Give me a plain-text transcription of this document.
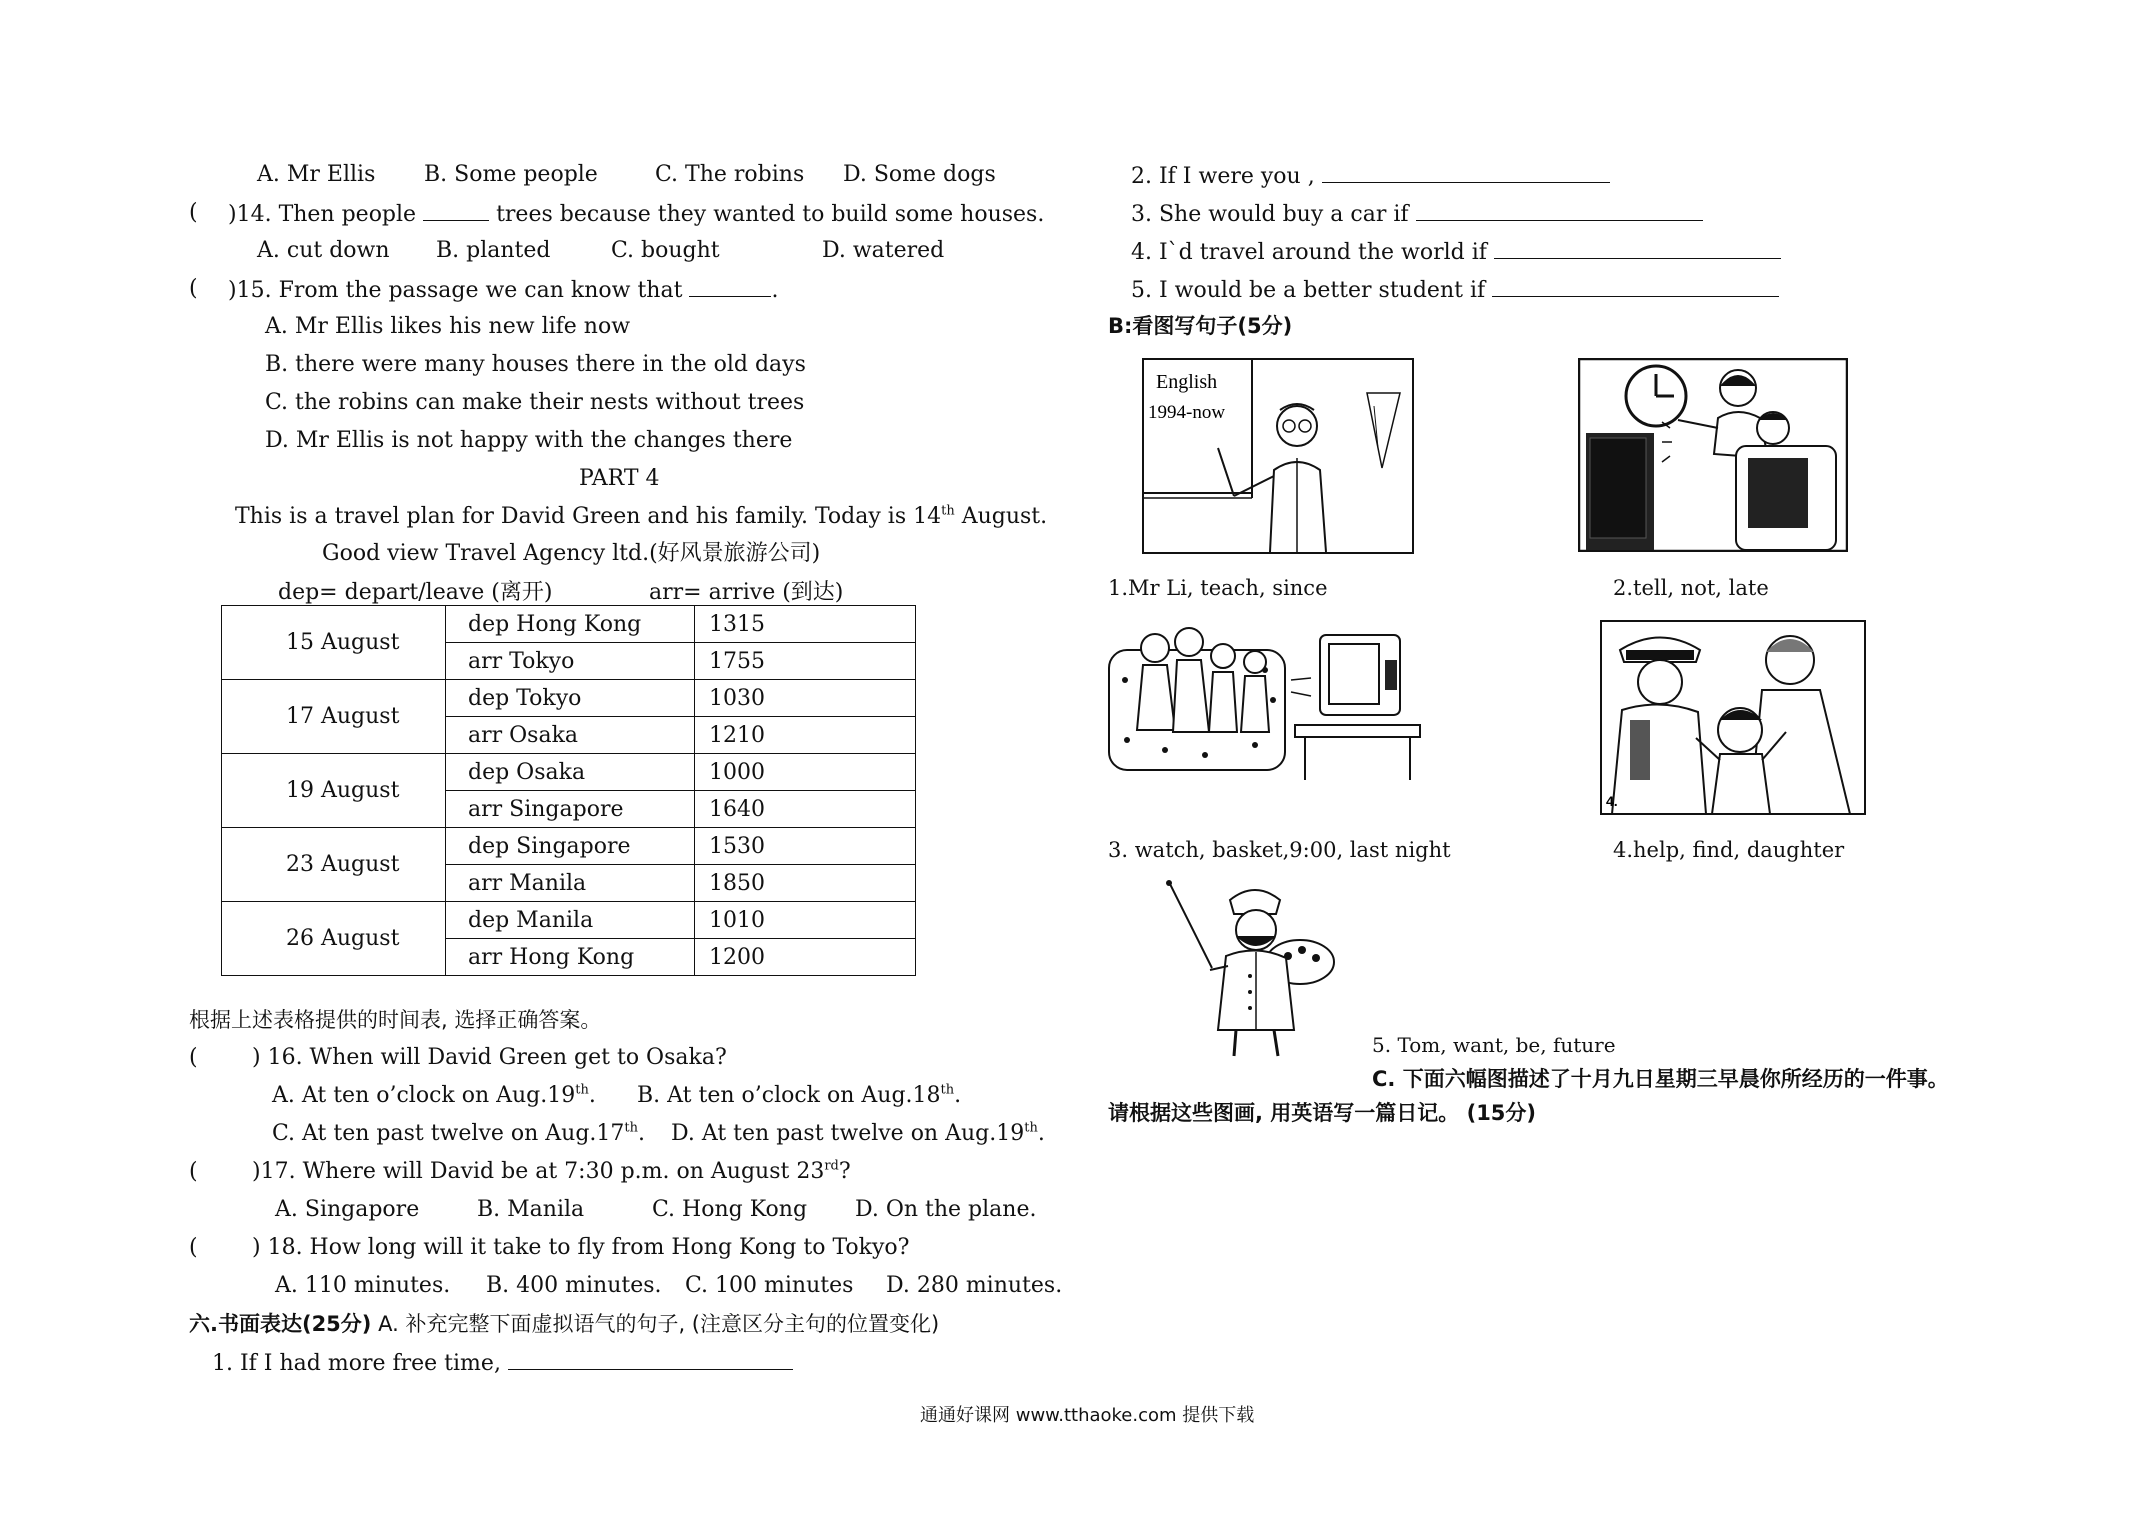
A. Mr Ellis B. Some people	C. The robins D. Some dogs
( )14. Then people	trees because they wanted to build some houses.
A. cut down B. planted	C. bought	D. watered
( )15. From the passage we can know that	.
A. Mr Ellis likes his new life now
B. there were many houses there in the old days
C. the robins can make their nests without trees
D. Mr Ellis is not happy with the changes there
PART 4
This is a travel plan for David Green and his family. Today is 14th August.
Good view Travel Agency ltd.(好风景旅游公司)
dep= depart/leave (离开)	arr= arrive (到达)
15 August	dep Hong Kong	1315
	arr Tokyo	1755
17 August	dep Tokyo	1030
	arr Osaka	1210
19 August	dep Osaka	1000
	arr Singapore	1640
23 August	dep Singapore	1530
	arr Manila	1850
26 August	dep Manila	1010
	arr Hong Kong	1200
根据上述表格提供的时间表, 选择正确答案。
( ) 16. When will David Green get to Osaka?
A. At ten o’clock on Aug.19th. B. At ten o’clock on Aug.18th.
C. At ten past twelve on Aug.17th. D. At ten past twelve on Aug.19th.
( )17. Where will David be at 7:30 p.m. on August 23rd?
A. Singapore	B. Manila	C. Hong Kong D. On the plane.
( ) 18. How long will it take to fly from Hong Kong to Tokyo?
A. 110 minutes. B. 400 minutes. C. 100 minutes D. 280 minutes.
六.书面表达(25分) A. 补充完整下面虚拟语气的句子, (注意区分主句的位置变化)
1. If I had more free time,
2. If I were you ,
3. She would buy a car if
4. I`d travel around the world if
5. I would be a better student if
B:看图写句子(5分)
English
1994-now
1.Mr Li, teach, since	2.tell, not, late
4.
3. watch, basket,9:00, last night	4.help, find, daughter
5. Tom, want, be, future
C. 下面六幅图描述了十月九日星期三早晨你所经历的一件事。
请根据这些图画, 用英语写一篇日记。 (15分)
通通好课网 www.tthaoke.com 提供下载
